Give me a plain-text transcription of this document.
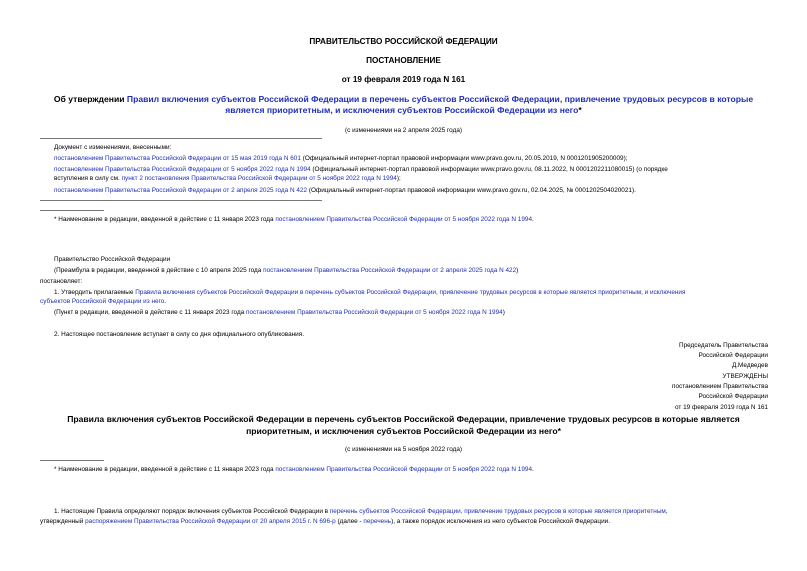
ПРАВИТЕЛЬСТВО РОССИЙСКОЙ ФЕДЕРАЦИИ
ПОСТАНОВЛЕНИЕ
от 19 февраля 2019 года N 161
Об утверждении Правил включения субъектов Российской Федерации в перечень субъектов Российской Федерации, привлечение трудовых ресурсов в которые является приоритетным, и исключения субъектов Российской Федерации из него*
(с изменениями на 2 апреля 2025 года)
Документ с изменениями, внесенными:
постановлением Правительства Российской Федерации от 15 мая 2019 года N 601 (Официальный интернет-портал правовой информации www.pravo.gov.ru, 20.05.2019, N 0001201905200009);
постановлением Правительства Российской Федерации от 5 ноября 2022 года N 1994 (Официальный интернет-портал правовой информации www.pravo.gov.ru, 08.11.2022, N 0001202211080015) (о порядке
вступления в силу см. пункт 2 постановления Правительства Российской Федерации от 5 ноября 2022 года N 1994);
постановлением Правительства Российской Федерации от 2 апреля 2025 года N 422 (Официальный интернет-портал правовой информации www.pravo.gov.ru, 02.04.2025, № 0001202504020021).
* Наименование в редакции, введенной в действие с 11 января 2023 года постановлением Правительства Российской Федерации от 5 ноября 2022 года N 1994.
Правительство Российской Федерации
(Преамбула в редакции, введенной в действие с 10 апреля 2025 года постановлением Правительства Российской Федерации от 2 апреля 2025 года N 422)
постановляет:
1. Утвердить прилагаемые Правила включения субъектов Российской Федерации в перечень субъектов Российской Федерации, привлечение трудовых ресурсов в которые является приоритетным, и исключения
субъектов Российской Федерации из него.
(Пункт в редакции, введенной в действие с 11 января 2023 года постановлением Правительства Российской Федерации от 5 ноября 2022 года N 1994)
2. Настоящее постановление вступает в силу со дня официального опубликования.
Председатель Правительства
Российской Федерации
Д.Медведев
УТВЕРЖДЕНЫ
постановлением Правительства
Российской Федерации
от 19 февраля 2019 года N 161
Правила включения субъектов Российской Федерации в перечень субъектов Российской Федерации, привлечение трудовых ресурсов в которые является
приоритетным, и исключения субъектов Российской Федерации из него*
(с изменениями на 5 ноября 2022 года)
* Наименование в редакции, введенной в действие с 11 января 2023 года постановлением Правительства Российской Федерации от 5 ноября 2022 года N 1994.
1. Настоящие Правила определяют порядок включения субъектов Российской Федерации в перечень субъектов Российской Федерации, привлечение трудовых ресурсов в которые является приоритетным,
утвержденный распоряжением Правительства Российской Федерации от 20 апреля 2015 г. N 696-р (далее - перечень), а также порядок исключения из него субъектов Российской Федерации.
